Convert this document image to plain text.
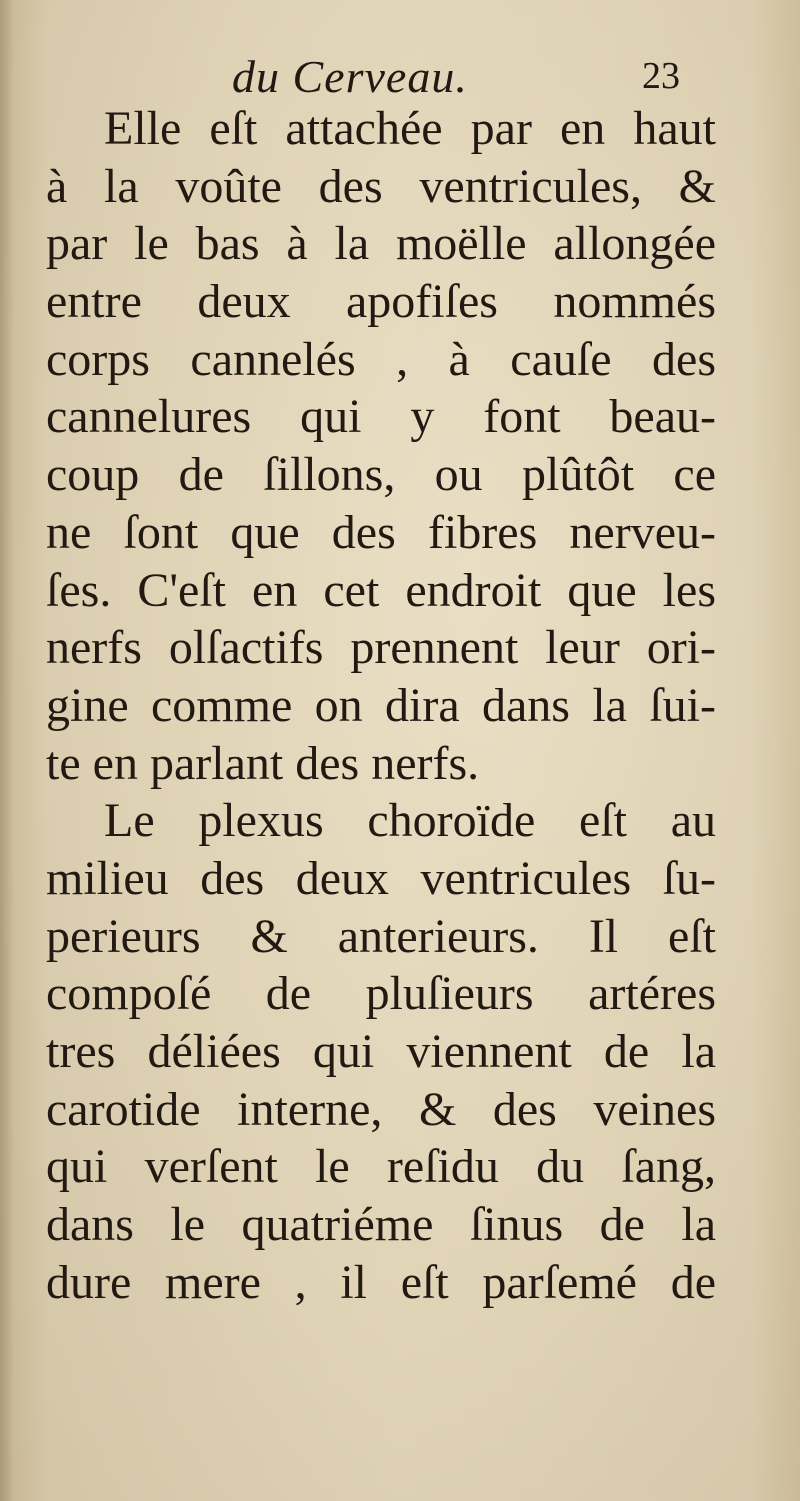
du Cerveau.	23
Elle eſt attachée par en haut
à la voûte des ventricules, &
par le bas à la moëlle allongée
entre deux apofiſes nommés
corps cannelés , à cauſe des
cannelures qui y font beau-
coup de ſillons, ou plûtôt ce
ne ſont que des fibres nerveu-
ſes. C'eſt en cet endroit que les
nerfs olſactifs prennent leur ori-
gine comme on dira dans la ſui-
te en parlant des nerfs.
Le plexus choroïde eſt au
milieu des deux ventricules ſu-
perieurs & anterieurs. Il eſt
compoſé de pluſieurs artéres
tres déliées qui viennent de la
carotide interne, & des veines
qui verſent le reſidu du ſang,
dans le quatriéme ſinus de la
dure mere , il eſt parſemé de
